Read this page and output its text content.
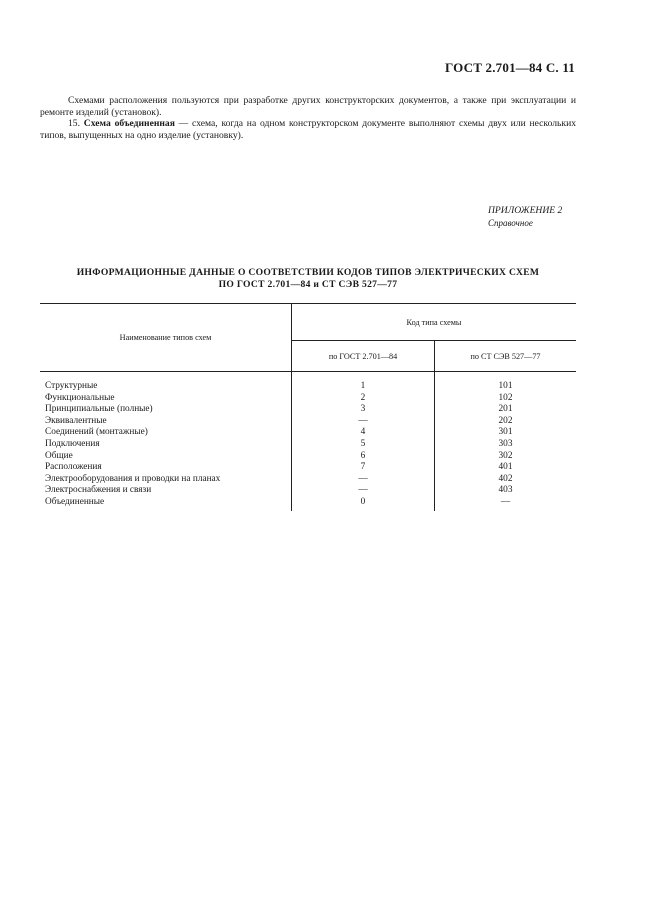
ГОСТ 2.701—84 С. 11
Схемами расположения пользуются при разработке других конструкторских документов, а также при эксплуатации и ремонте изделий (установок).
15. Схема объединенная — схема, когда на одном конструкторском документе выполняют схемы двух или нескольких типов, выпущенных на одно изделие (установку).
ПРИЛОЖЕНИЕ 2
Справочное
ИНФОРМАЦИОННЫЕ ДАННЫЕ О СООТВЕТСТВИИ КОДОВ ТИПОВ ЭЛЕКТРИЧЕСКИХ СХЕМ
ПО ГОСТ 2.701—84 и СТ СЭВ 527—77
Наименование типов схем	Код типа схемы	
	по ГОСТ 2.701—84	по СТ СЭВ 527—77

Структурные	1	101
Функциональные	2	102
Принципиальные (полные)	3	201
Эквивалентные	—	202
Соединений (монтажные)	4	301
Подключения	5	303
Общие	6	302
Расположения	7	401
Электрооборудования и проводки на планах	—	402
Электроснабжения и связи	—	403
Объединенные	0	—
